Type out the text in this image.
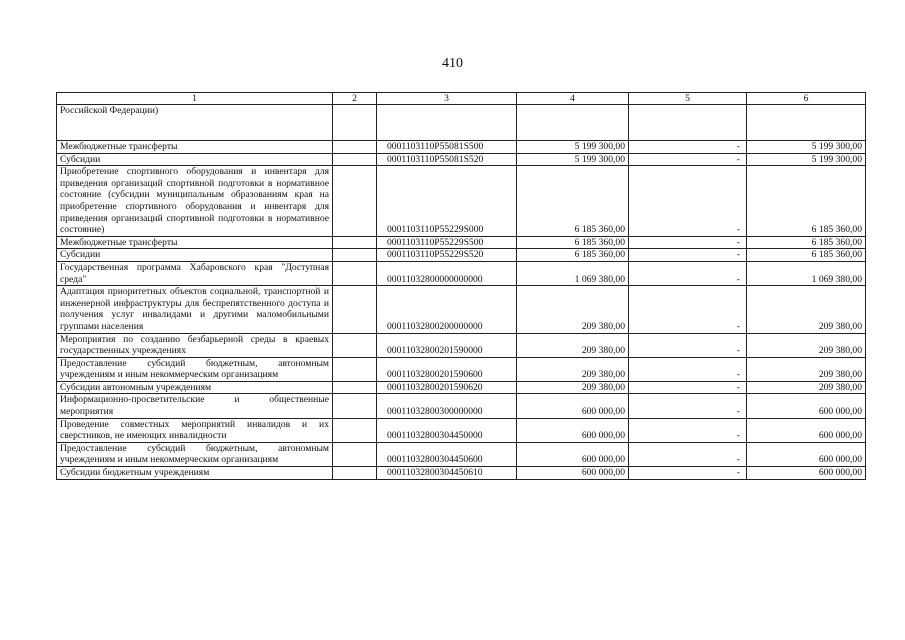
410
1	2	3	4	5	6
Российской Федерации)					
Межбюджетные трансферты		0001103110P55081S500	5 199 300,00	-	5 199 300,00
Субсидии		0001103110P55081S520	5 199 300,00	-	5 199 300,00
Приобретение спортивного оборудования и инвентаря для приведения организаций спортивной подготовки в нормативное состояние (субсидии муниципальным образованиям края на приобретение спортивного оборудования и инвентаря для приведения организаций спортивной подготовки в нормативное состояние)		0001103110P55229S000	6 185 360,00	-	6 185 360,00
Межбюджетные трансферты		0001103110P55229S500	6 185 360,00	-	6 185 360,00
Субсидии		0001103110P55229S520	6 185 360,00	-	6 185 360,00
Государственная программа Хабаровского края "Доступная среда"		00011032800000000000	1 069 380,00	-	1 069 380,00
Адаптация приоритетных объектов социальной, транспортной и инженерной инфраструктуры для беспрепятственного доступа и получения услуг инвалидами и другими маломобильными группами населения		00011032800200000000	209 380,00	-	209 380,00
Мероприятия по созданию безбарьерной среды в краевых государственных учреждениях		00011032800201590000	209 380,00	-	209 380,00
Предоставление субсидий бюджетным, автономным учреждениям и иным некоммерческим организациям		00011032800201590600	209 380,00	-	209 380,00
Субсидии автономным учреждениям		00011032800201590620	209 380,00	-	209 380,00
Информационно-просветительские и общественные мероприятия		00011032800300000000	600 000,00	-	600 000,00
Проведение совместных мероприятий инвалидов и их сверстников, не имеющих инвалидности		00011032800304450000	600 000,00	-	600 000,00
Предоставление субсидий бюджетным, автономным учреждениям и иным некоммерческим организациям		00011032800304450600	600 000,00	-	600 000,00
Субсидии бюджетным учреждениям		00011032800304450610	600 000,00	-	600 000,00
